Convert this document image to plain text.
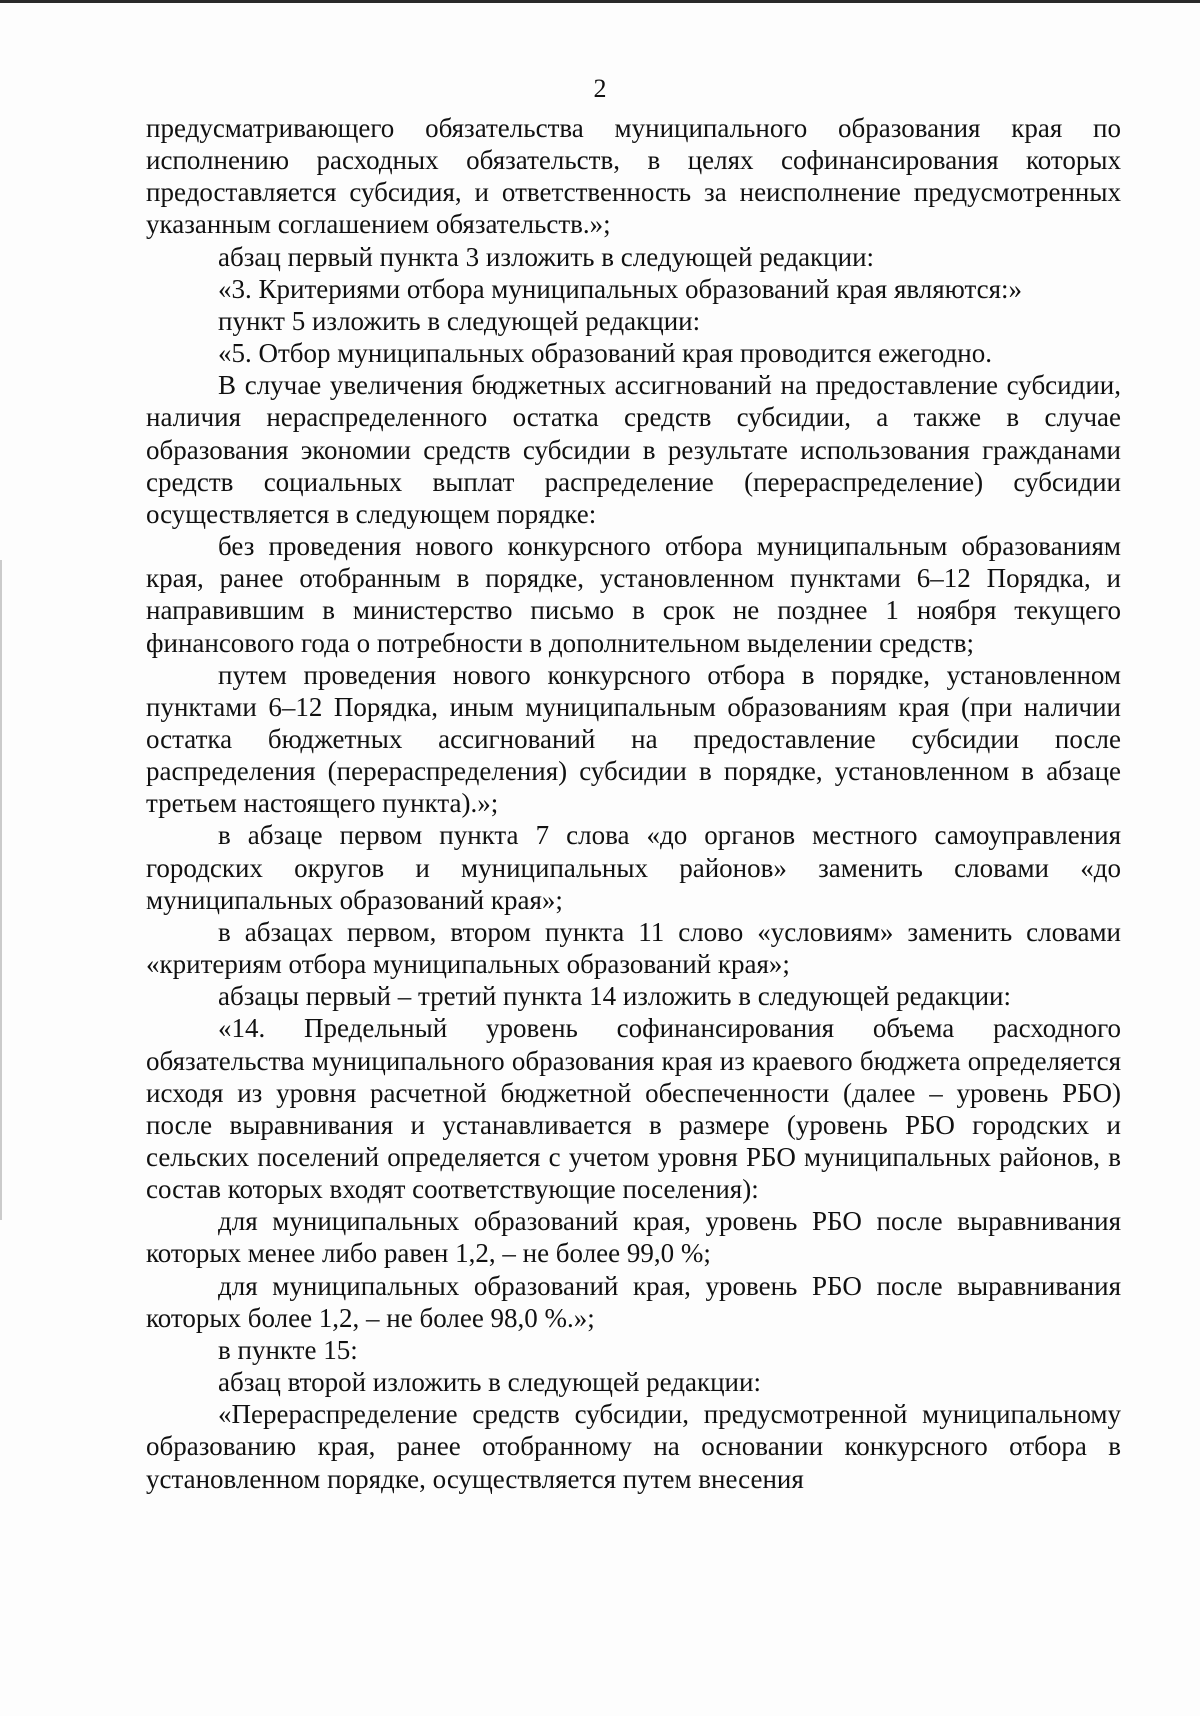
2

предусматривающего обязательства муниципального образования края по исполнению расходных обязательств, в целях софинансирования которых предоставляется субсидия, и ответственность за неисполнение предусмотренных указанным соглашением обязательств.»;

абзац первый пункта 3 изложить в следующей редакции:

«3. Критериями отбора муниципальных образований края являются:»

пункт 5 изложить в следующей редакции:

«5. Отбор муниципальных образований края проводится ежегодно.

В случае увеличения бюджетных ассигнований на предоставление субсидии, наличия нераспределенного остатка средств субсидии, а также в случае образования экономии средств субсидии в результате использования гражданами средств социальных выплат распределение (перераспределение) субсидии осуществляется в следующем порядке:

без проведения нового конкурсного отбора муниципальным образованиям края, ранее отобранным в порядке, установленном пунктами 6–12 Порядка, и направившим в министерство письмо в срок не позднее 1 ноября текущего финансового года о потребности в дополнительном выделении средств;

путем проведения нового конкурсного отбора в порядке, установленном пунктами 6–12 Порядка, иным муниципальным образованиям края (при наличии остатка бюджетных ассигнований на предоставление субсидии после распределения (перераспределения) субсидии в порядке, установленном в абзаце третьем настоящего пункта).»;

в абзаце первом пункта 7 слова «до органов местного самоуправления городских округов и муниципальных районов» заменить словами «до муниципальных образований края»;

в абзацах первом, втором пункта 11 слово «условиям» заменить словами «критериям отбора муниципальных образований края»;

абзацы первый – третий пункта 14 изложить в следующей редакции:

«14. Предельный уровень софинансирования объема расходного обязательства муниципального образования края из краевого бюджета определяется исходя из уровня расчетной бюджетной обеспеченности (далее – уровень РБО) после выравнивания и устанавливается в размере (уровень РБО городских и сельских поселений определяется с учетом уровня РБО муниципальных районов, в состав которых входят соответствующие поселения):

для муниципальных образований края, уровень РБО после выравнивания которых менее либо равен 1,2, – не более 99,0 %;

для муниципальных образований края, уровень РБО после выравнивания которых более 1,2, – не более 98,0 %.»;

в пункте 15:

абзац второй изложить в следующей редакции:

«Перераспределение средств субсидии, предусмотренной муниципальному образованию края, ранее отобранному на основании конкурсного отбора в установленном порядке, осуществляется путем внесения
